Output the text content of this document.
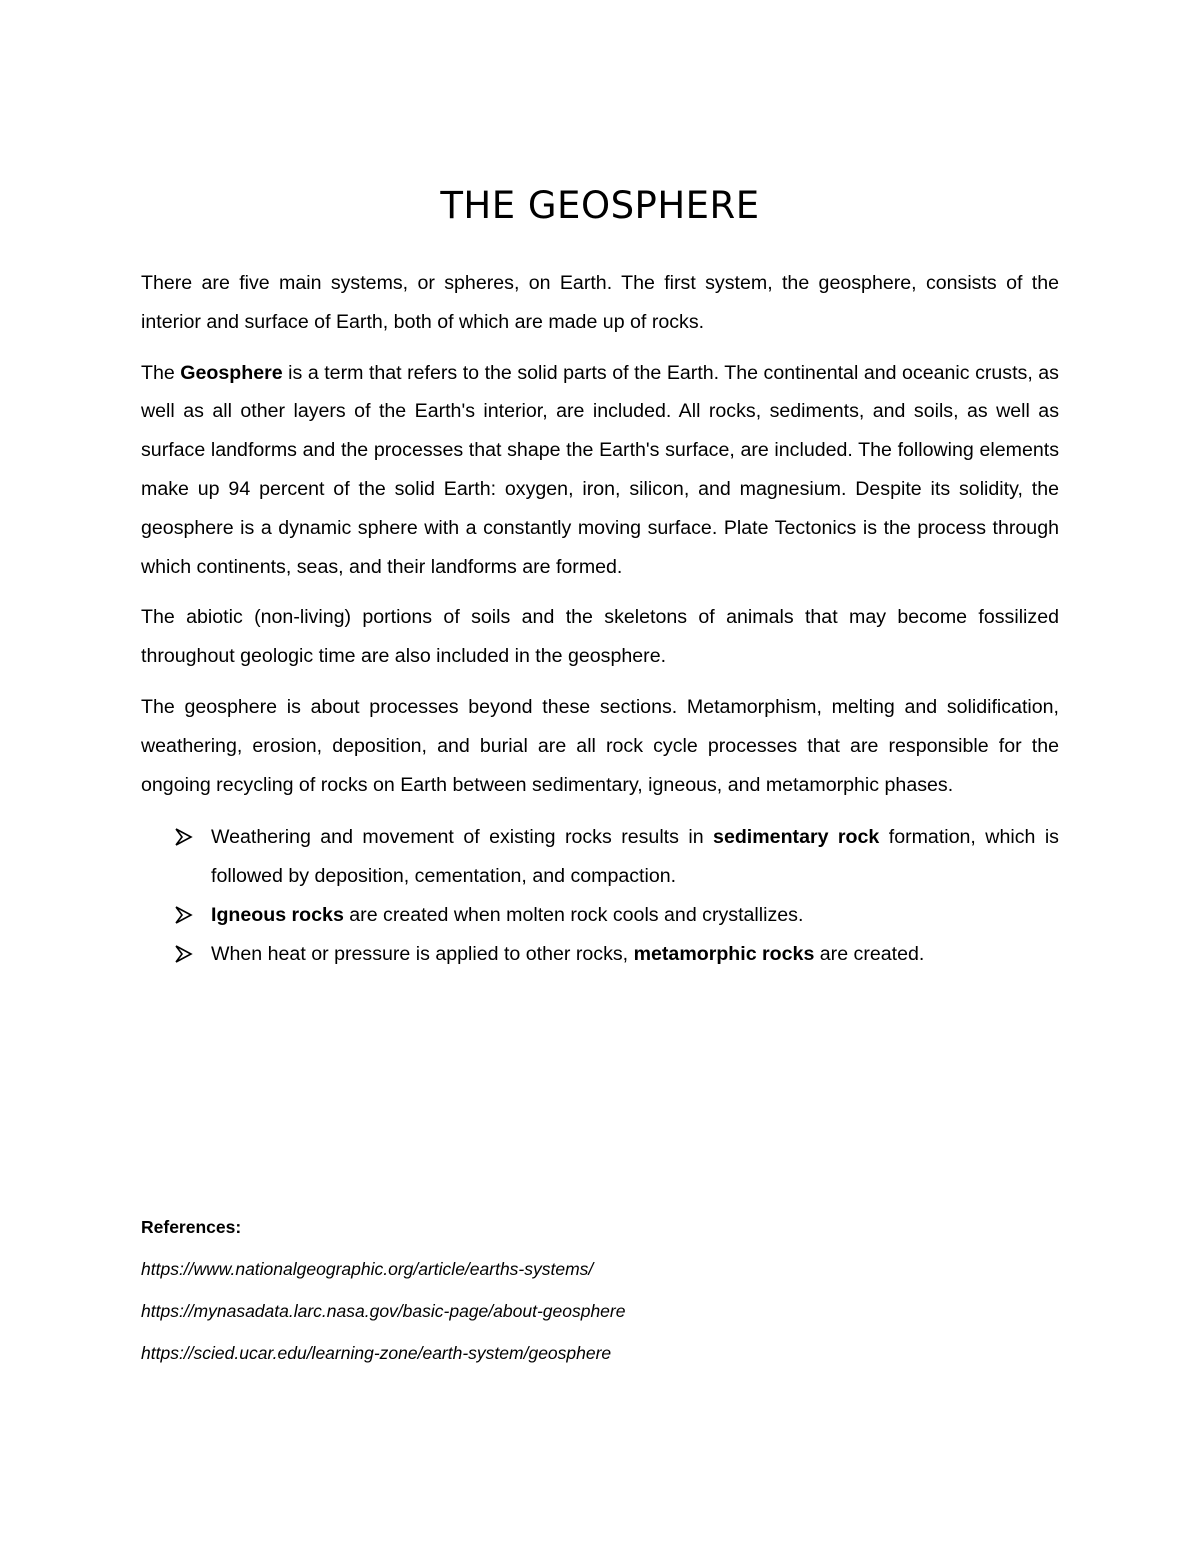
THE GEOSPHERE

There are five main systems, or spheres, on Earth. The first system, the geosphere, consists of the interior and surface of Earth, both of which are made up of rocks.

The Geosphere is a term that refers to the solid parts of the Earth. The continental and oceanic crusts, as well as all other layers of the Earth's interior, are included. All rocks, sediments, and soils, as well as surface landforms and the processes that shape the Earth's surface, are included. The following elements make up 94 percent of the solid Earth: oxygen, iron, silicon, and magnesium. Despite its solidity, the geosphere is a dynamic sphere with a constantly moving surface. Plate Tectonics is the process through which continents, seas, and their landforms are formed.

The abiotic (non-living) portions of soils and the skeletons of animals that may become fossilized throughout geologic time are also included in the geosphere.

The geosphere is about processes beyond these sections. Metamorphism, melting and solidification, weathering, erosion, deposition, and burial are all rock cycle processes that are responsible for the ongoing recycling of rocks on Earth between sedimentary, igneous, and metamorphic phases.

Weathering and movement of existing rocks results in sedimentary rock formation, which is followed by deposition, cementation, and compaction.
Igneous rocks are created when molten rock cools and crystallizes.
When heat or pressure is applied to other rocks, metamorphic rocks are created.

References:

https://www.nationalgeographic.org/article/earths-systems/
https://mynasadata.larc.nasa.gov/basic-page/about-geosphere
https://scied.ucar.edu/learning-zone/earth-system/geosphere
